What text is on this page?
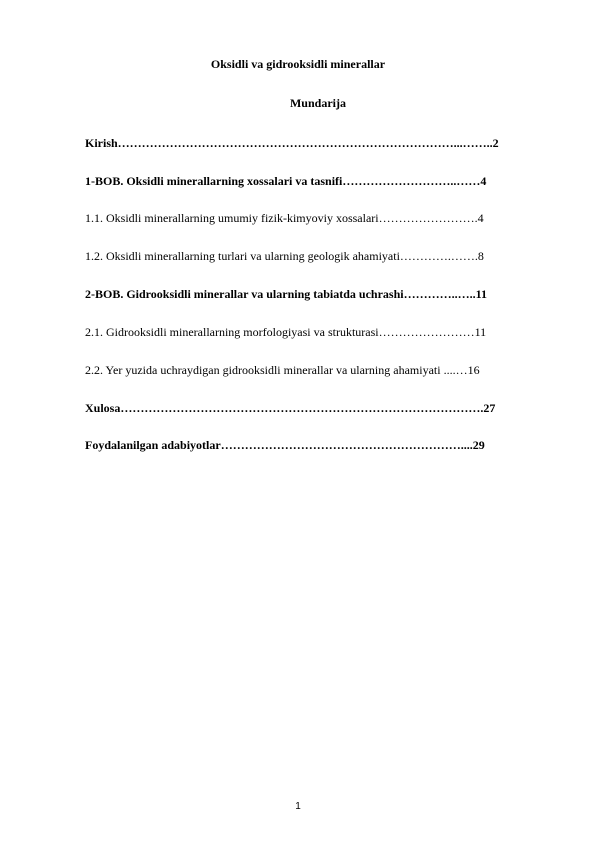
Oksidli va gidrooksidli minerallar
Mundarija
Kirish…………………………………………………………………………...……..2
1-BOB. Oksidli minerallarning xossalari va tasnifi………………………..……4
1.1. Oksidli minerallarning umumiy fizik-kimyoviy xossalari…………………….4
1.2. Oksidli minerallarning turlari va ularning geologik ahamiyati………….…….8
2-BOB. Gidrooksidli minerallar va ularning tabiatda uchrashi…………..…..11
2.1. Gidrooksidli minerallarning morfologiyasi va strukturasi……………………11
2.2. Yer yuzida uchraydigan gidrooksidli minerallar va ularning ahamiyati ....…16
Xulosa……………………………………………………………………………….27
Foydalanilgan adabiyotlar……………………………………………………....29
1
